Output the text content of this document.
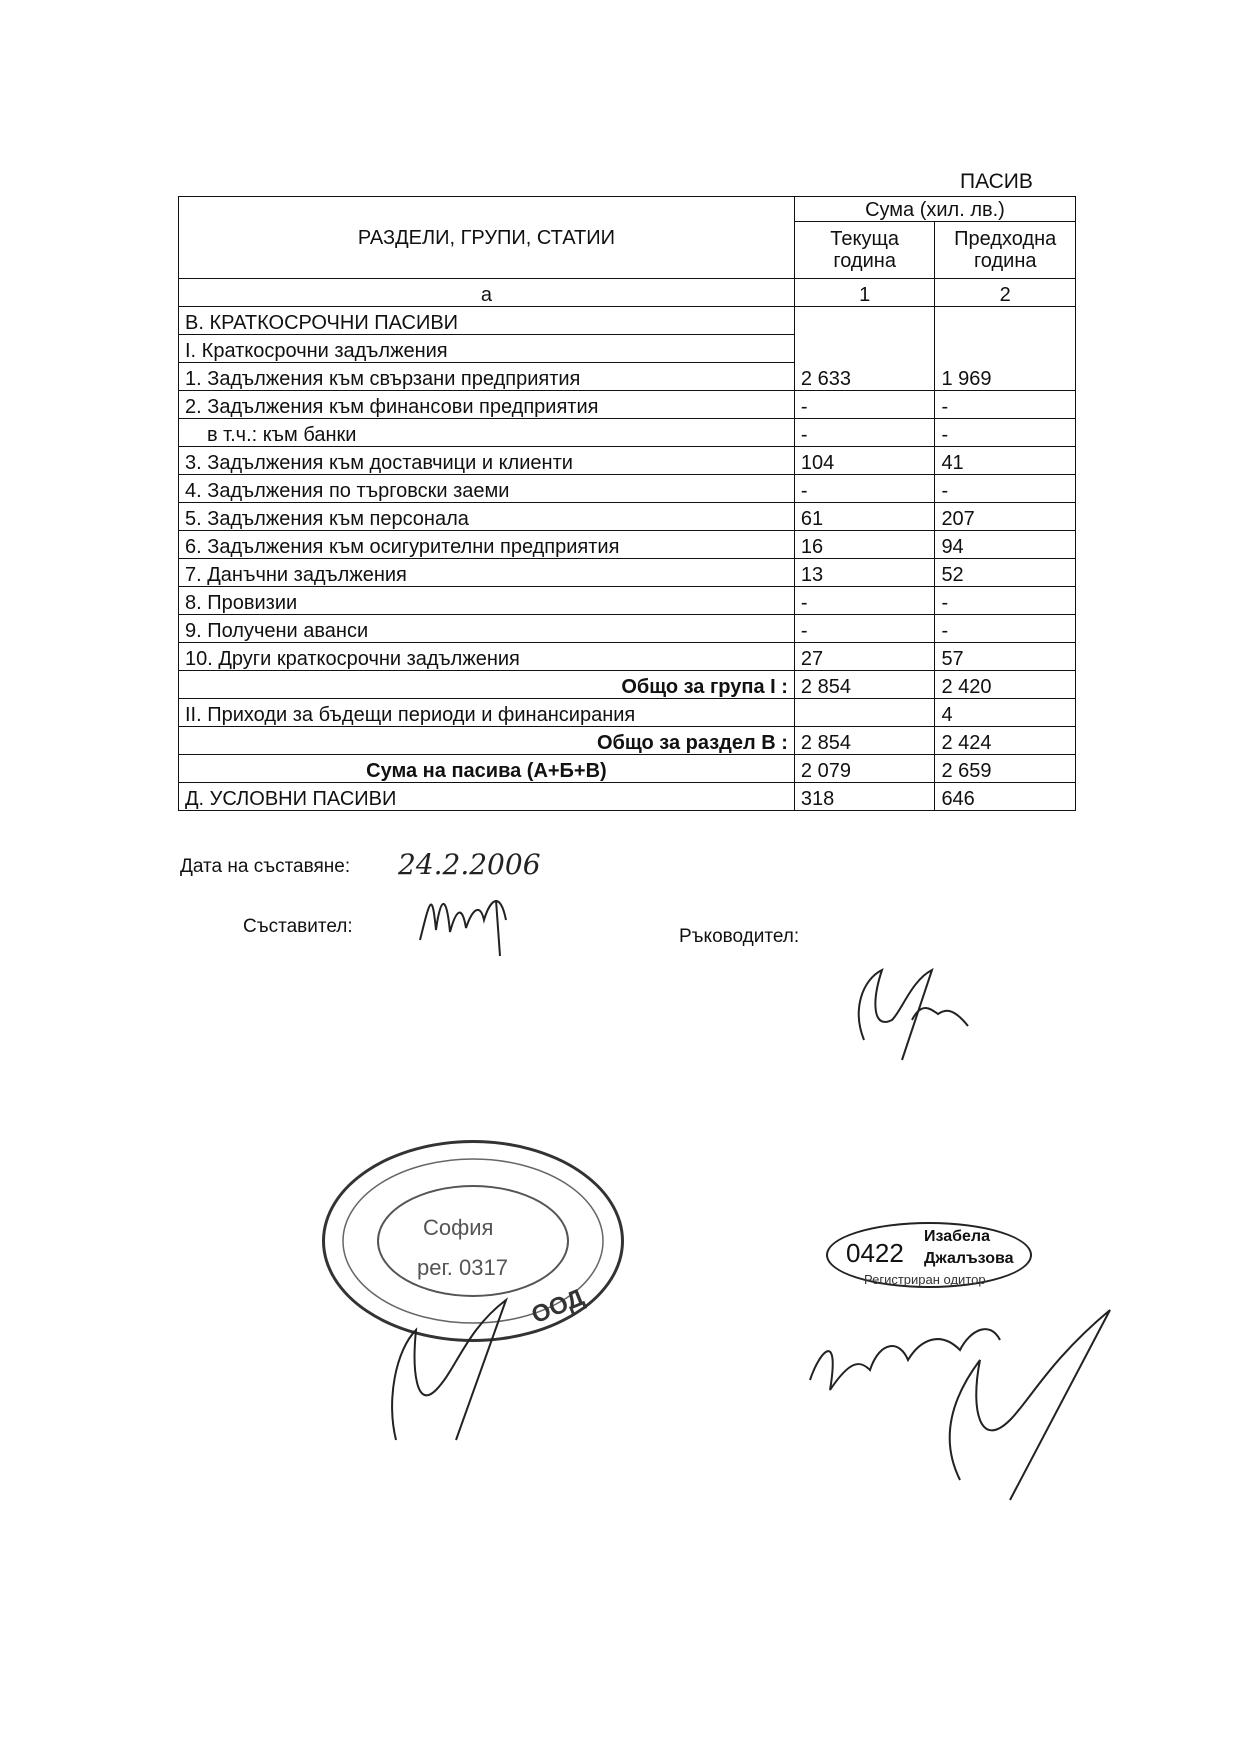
ПАСИВ
РАЗДЕЛИ, ГРУПИ, СТАТИИ	Сума (хил. лв.)	
	Текуща година	Предходна година
а	1	2
В. КРАТКОСРОЧНИ ПАСИВИ		
I. Краткосрочни задължения		
1. Задължения към свързани предприятия	2 633	1 969
2. Задължения към финансови предприятия	-	-
в т.ч.: към банки	-	-
3. Задължения към доставчици и клиенти	104	41
4. Задължения по търговски заеми	-	-
5. Задължения към персонала	61	207
6. Задължения към осигурителни предприятия	16	94
7. Данъчни задължения	13	52
8. Провизии	-	-
9. Получени аванси	-	-
10. Други краткосрочни задължения	27	57
Общо за група I :	2 854	2 420
II. Приходи за бъдещи периоди и финансирания		4
Общо за раздел В :	2 854	2 424
Сума на пасива (А+Б+В)	2 079	2 659
Д. УСЛОВНИ ПАСИВИ	318	646
Дата на съставяне: 24.2.2006
Съставител:	Ръководител:
София
рег. 0317
ООД
0422
Изабела
Джалъзова
Регистриран одитор
